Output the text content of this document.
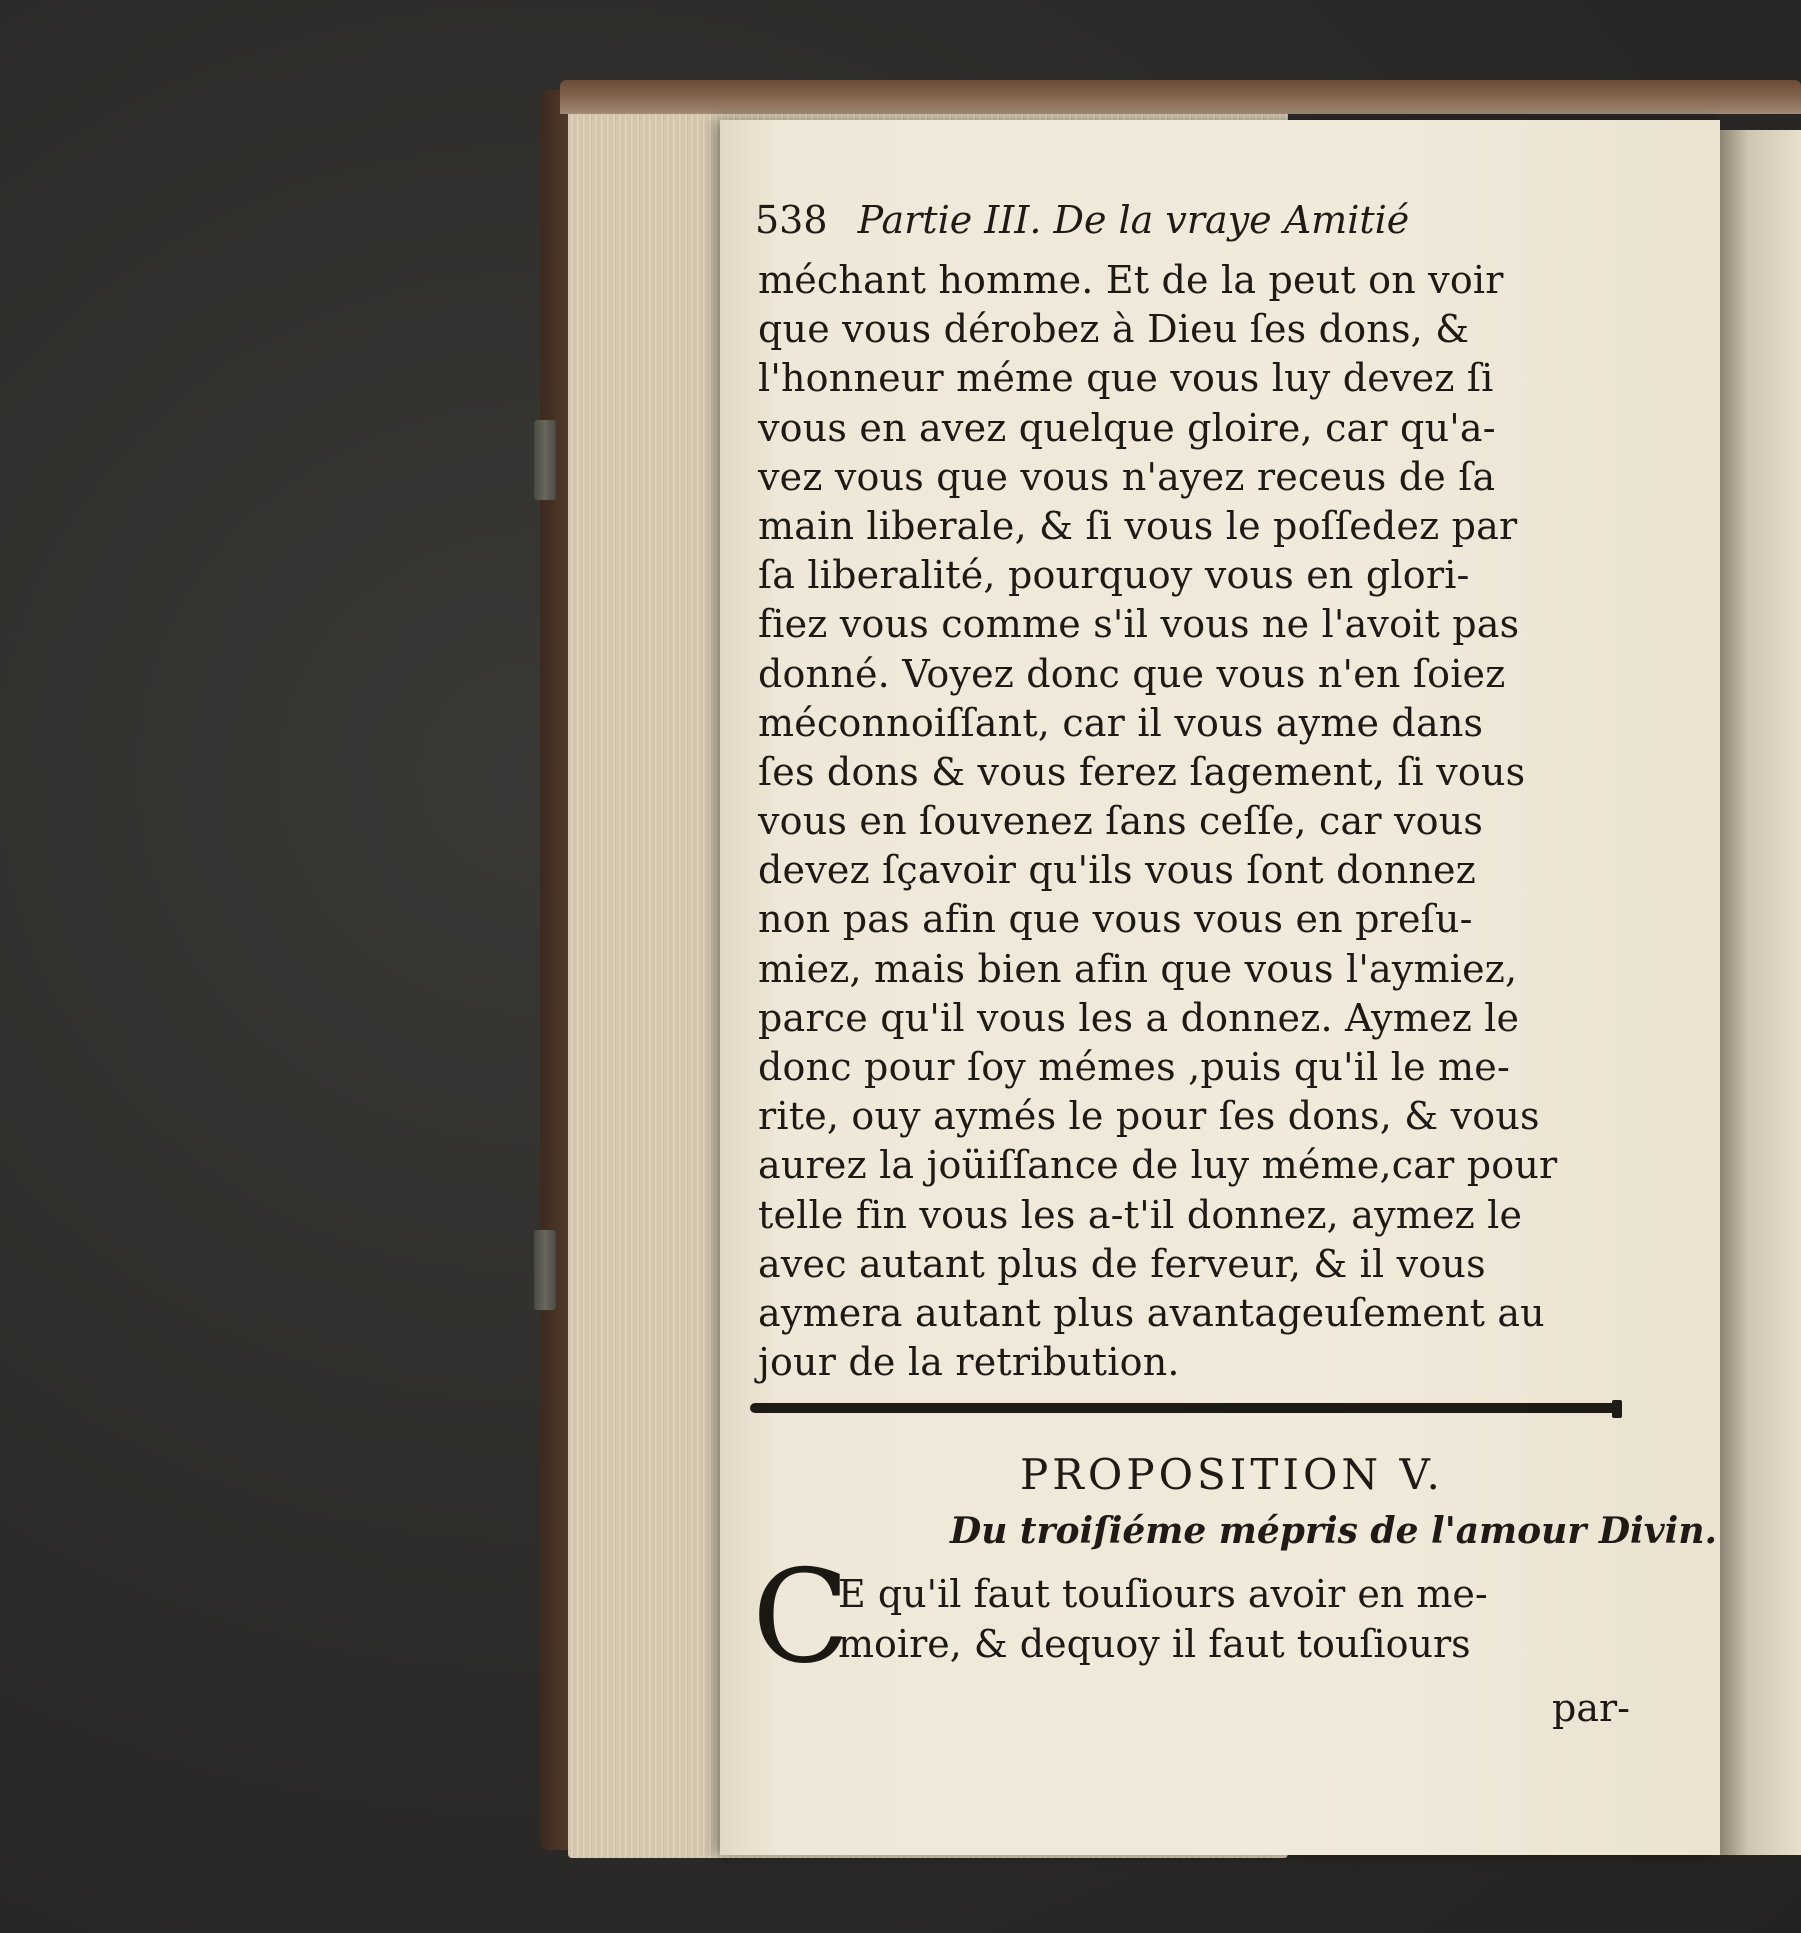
538 Partie III. De la vraye Amitié
méchant homme. Et de la peut on voir
que vous dérobez à Dieu ſes dons, &
l'honneur méme que vous luy devez ſi
vous en avez quelque gloire, car qu'a-
vez vous que vous n'ayez receus de ſa
main liberale, & ſi vous le poſſedez par
ſa liberalité, pourquoy vous en glori-
fiez vous comme s'il vous ne l'avoit pas
donné. Voyez donc que vous n'en ſoiez
méconnoiſſant, car il vous ayme dans
ſes dons & vous ferez ſagement, ſi vous
vous en ſouvenez ſans ceſſe, car vous
devez ſçavoir qu'ils vous ſont donnez
non pas afin que vous vous en preſu-
miez, mais bien afin que vous l'aymiez,
parce qu'il vous les a donnez. Aymez le
donc pour ſoy mémes ,puis qu'il le me-
rite, ouy aymés le pour ſes dons, & vous
aurez la joüiſſance de luy méme,car pour
telle fin vous les a-t'il donnez, aymez le
avec autant plus de ferveur, & il vous
aymera autant plus avantageuſement au
jour de la retribution.
PROPOSITION V.
Du troiſiéme mépris de l'amour Divin.
C
E qu'il faut touſiours avoir en me-
moire, & dequoy il faut touſiours
par-
